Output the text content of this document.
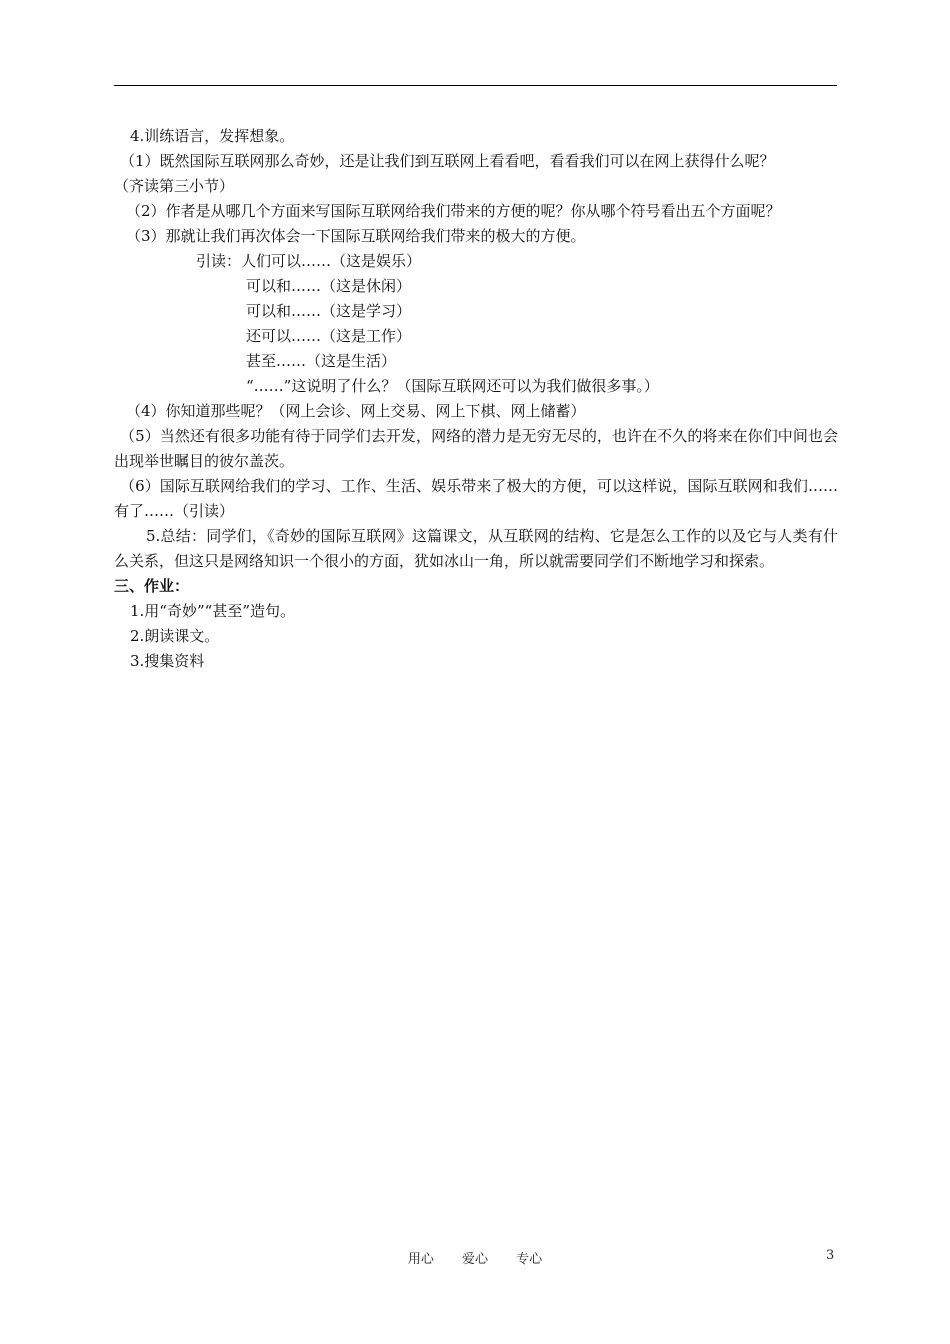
4.训练语言，发挥想象。
（1）既然国际互联网那么奇妙，还是让我们到互联网上看看吧，看看我们可以在网上获得什么呢？
（齐读第三小节）
（2）作者是从哪几个方面来写国际互联网给我们带来的方便的呢？你从哪个符号看出五个方面呢？
（3）那就让我们再次体会一下国际互联网给我们带来的极大的方便。
引读：人们可以……（这是娱乐）
可以和……（这是休闲）
可以和……（这是学习）
还可以……（这是工作）
甚至……（这是生活）
“……”这说明了什么？（国际互联网还可以为我们做很多事。）
（4）你知道那些呢？（网上会诊、网上交易、网上下棋、网上储蓄）
（5）当然还有很多功能有待于同学们去开发，网络的潜力是无穷无尽的，也许在不久的将来在你们中间也会出现举世瞩目的彼尔盖茨。
（6）国际互联网给我们的学习、工作、生活、娱乐带来了极大的方便，可以这样说，国际互联网和我们……有了……（引读）
5.总结：同学们，《奇妙的国际互联网》这篇课文，从互联网的结构、它是怎么工作的以及它与人类有什么关系，但这只是网络知识一个很小的方面，犹如冰山一角，所以就需要同学们不断地学习和探索。
三、作业：
1.用“奇妙”“甚至”造句。
2.朗读课文。
3.搜集资料
用心 爱心 专心	3
